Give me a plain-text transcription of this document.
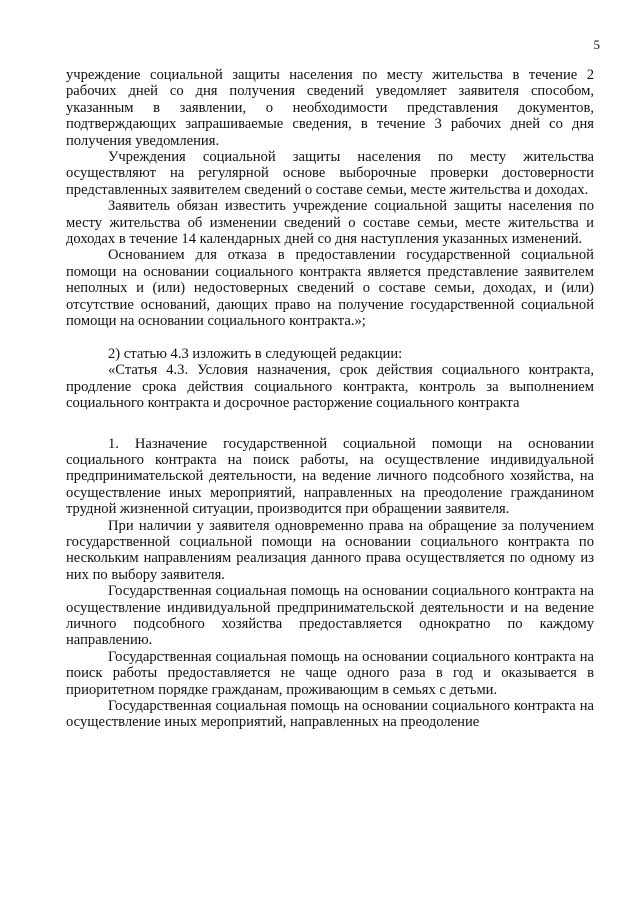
5

учреждение социальной защиты населения по месту жительства в течение 2 рабочих дней со дня получения сведений уведомляет заявителя способом, указанным в заявлении, о необходимости представления документов, подтверждающих запрашиваемые сведения, в течение 3 рабочих дней со дня получения уведомления.

Учреждения социальной защиты населения по месту жительства осуществляют на регулярной основе выборочные проверки достоверности представленных заявителем сведений о составе семьи, месте жительства и доходах.

Заявитель обязан известить учреждение социальной защиты населения по месту жительства об изменении сведений о составе семьи, месте жительства и доходах в течение 14 календарных дней со дня наступления указанных изменений.

Основанием для отказа в предоставлении государственной социальной помощи на основании социального контракта является представление заявителем неполных и (или) недостоверных сведений о составе семьи, доходах, и (или) отсутствие оснований, дающих право на получение государственной социальной помощи на основании социального контракта.»;

2) статью 4.3 изложить в следующей редакции:

«Статья 4.3. Условия назначения, срок действия социального контракта, продление срока действия социального контракта, контроль за выполнением социального контракта и досрочное расторжение социального контракта

1. Назначение государственной социальной помощи на основании социального контракта на поиск работы, на осуществление индивидуальной предпринимательской деятельности, на ведение личного подсобного хозяйства, на осуществление иных мероприятий, направленных на преодоление гражданином трудной жизненной ситуации, производится при обращении заявителя.

При наличии у заявителя одновременно права на обращение за получением государственной социальной помощи на основании социального контракта по нескольким направлениям реализация данного права осуществляется по одному из них по выбору заявителя.

Государственная социальная помощь на основании социального контракта на осуществление индивидуальной предпринимательской деятельности и на ведение личного подсобного хозяйства предоставляется однократно по каждому направлению.

Государственная социальная помощь на основании социального контракта на поиск работы предоставляется не чаще одного раза в год и оказывается в приоритетном порядке гражданам, проживающим в семьях с детьми.

Государственная социальная помощь на основании социального контракта на осуществление иных мероприятий, направленных на преодоление
